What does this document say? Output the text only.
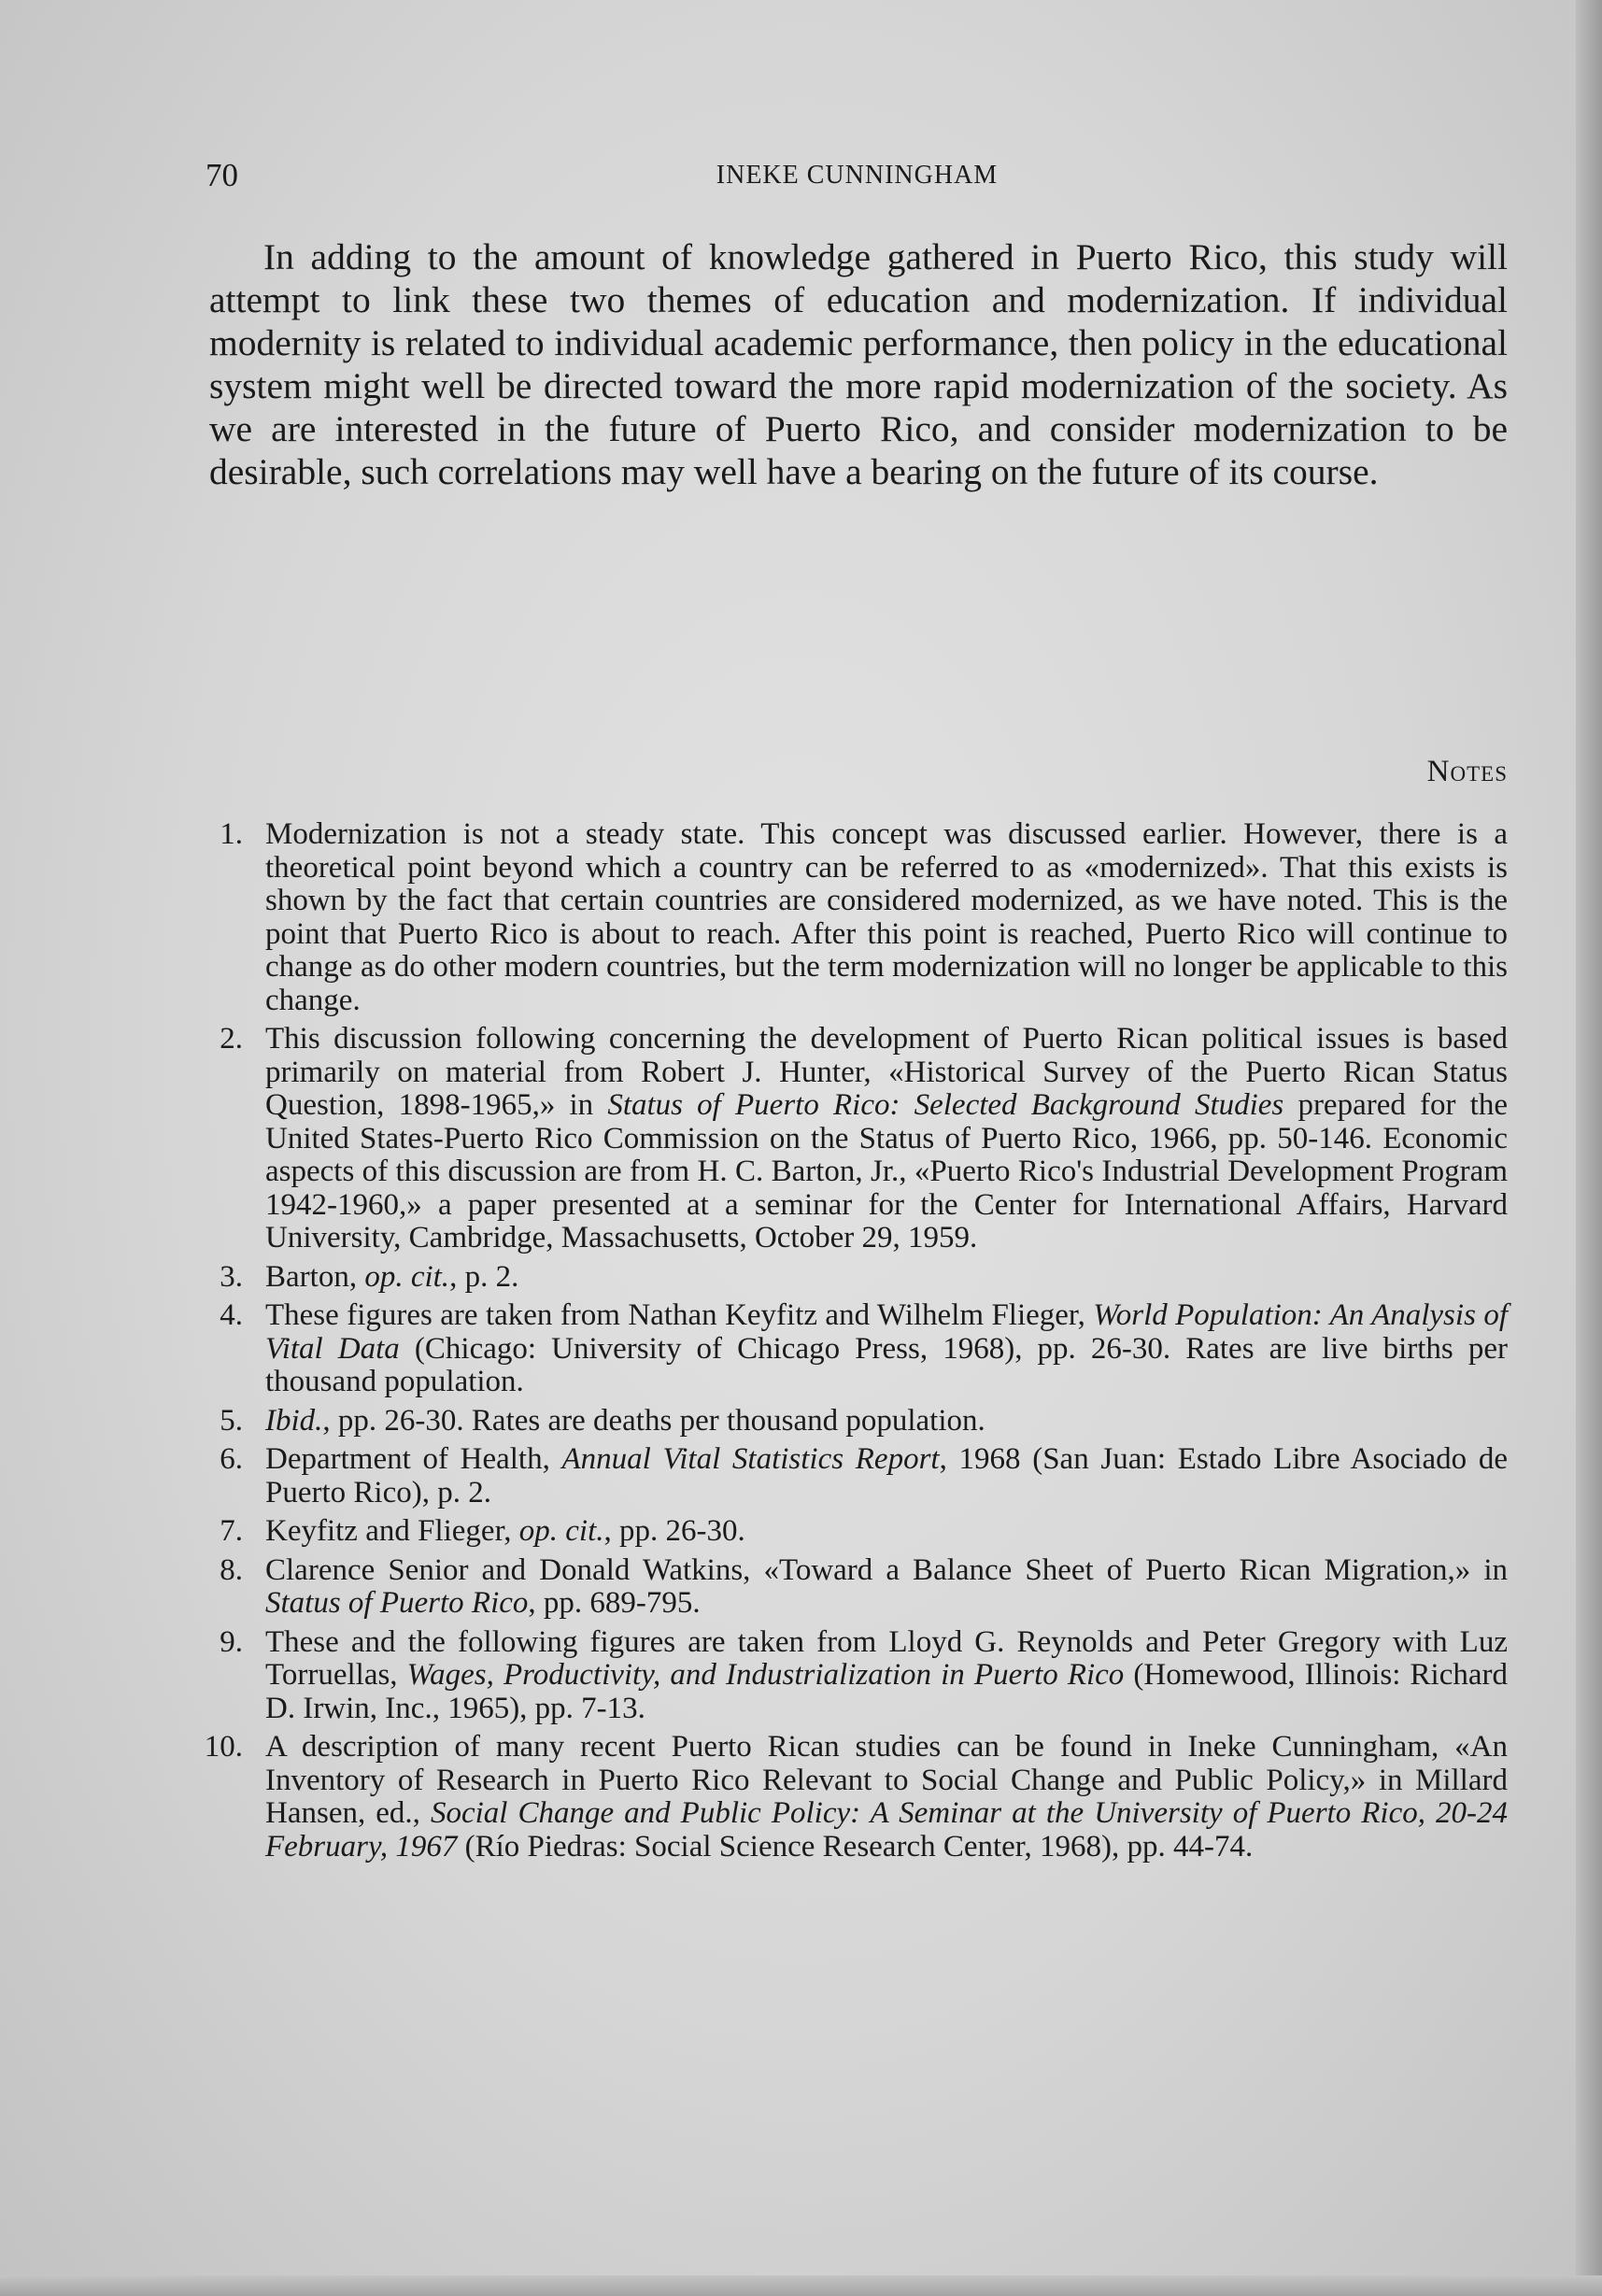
70	INEKE CUNNINGHAM

In adding to the amount of knowledge gathered in Puerto Rico, this study will attempt to link these two themes of education and modernization. If individual modernity is related to individual academic performance, then policy in the educational system might well be directed toward the more rapid modernization of the society. As we are interested in the future of Puerto Rico, and consider modernization to be desirable, such correlations may well have a bearing on the future of its course.

Notes
1. Modernization is not a steady state. This concept was discussed earlier. However, there is a theoretical point beyond which a country can be referred to as «modernized». That this exists is shown by the fact that certain countries are considered modernized, as we have noted. This is the point that Puerto Rico is about to reach. After this point is reached, Puerto Rico will continue to change as do other modern countries, but the term modernization will no longer be applicable to this change.
2. This discussion following concerning the development of Puerto Rican political issues is based primarily on material from Robert J. Hunter, «Historical Survey of the Puerto Rican Status Question, 1898-1965,» in Status of Puerto Rico: Selected Background Studies prepared for the United States-Puerto Rico Commission on the Status of Puerto Rico, 1966, pp. 50-146. Economic aspects of this discussion are from H. C. Barton, Jr., «Puerto Rico's Industrial Development Program 1942-1960,» a paper presented at a seminar for the Center for International Affairs, Harvard University, Cambridge, Massachusetts, October 29, 1959.
3. Barton, op. cit., p. 2.
4. These figures are taken from Nathan Keyfitz and Wilhelm Flieger, World Population: An Analysis of Vital Data (Chicago: University of Chicago Press, 1968), pp. 26-30. Rates are live births per thousand population.
5. Ibid., pp. 26-30. Rates are deaths per thousand population.
6. Department of Health, Annual Vital Statistics Report, 1968 (San Juan: Estado Libre Asociado de Puerto Rico), p. 2.
7. Keyfitz and Flieger, op. cit., pp. 26-30.
8. Clarence Senior and Donald Watkins, «Toward a Balance Sheet of Puerto Rican Migration,» in Status of Puerto Rico, pp. 689-795.
9. These and the following figures are taken from Lloyd G. Reynolds and Peter Gregory with Luz Torruellas, Wages, Productivity, and Industrialization in Puerto Rico (Homewood, Illinois: Richard D. Irwin, Inc., 1965), pp. 7-13.
10. A description of many recent Puerto Rican studies can be found in Ineke Cunningham, «An Inventory of Research in Puerto Rico Relevant to Social Change and Public Policy,» in Millard Hansen, ed., Social Change and Public Policy: A Seminar at the University of Puerto Rico, 20-24 February, 1967 (Río Piedras: Social Science Research Center, 1968), pp. 44-74.
